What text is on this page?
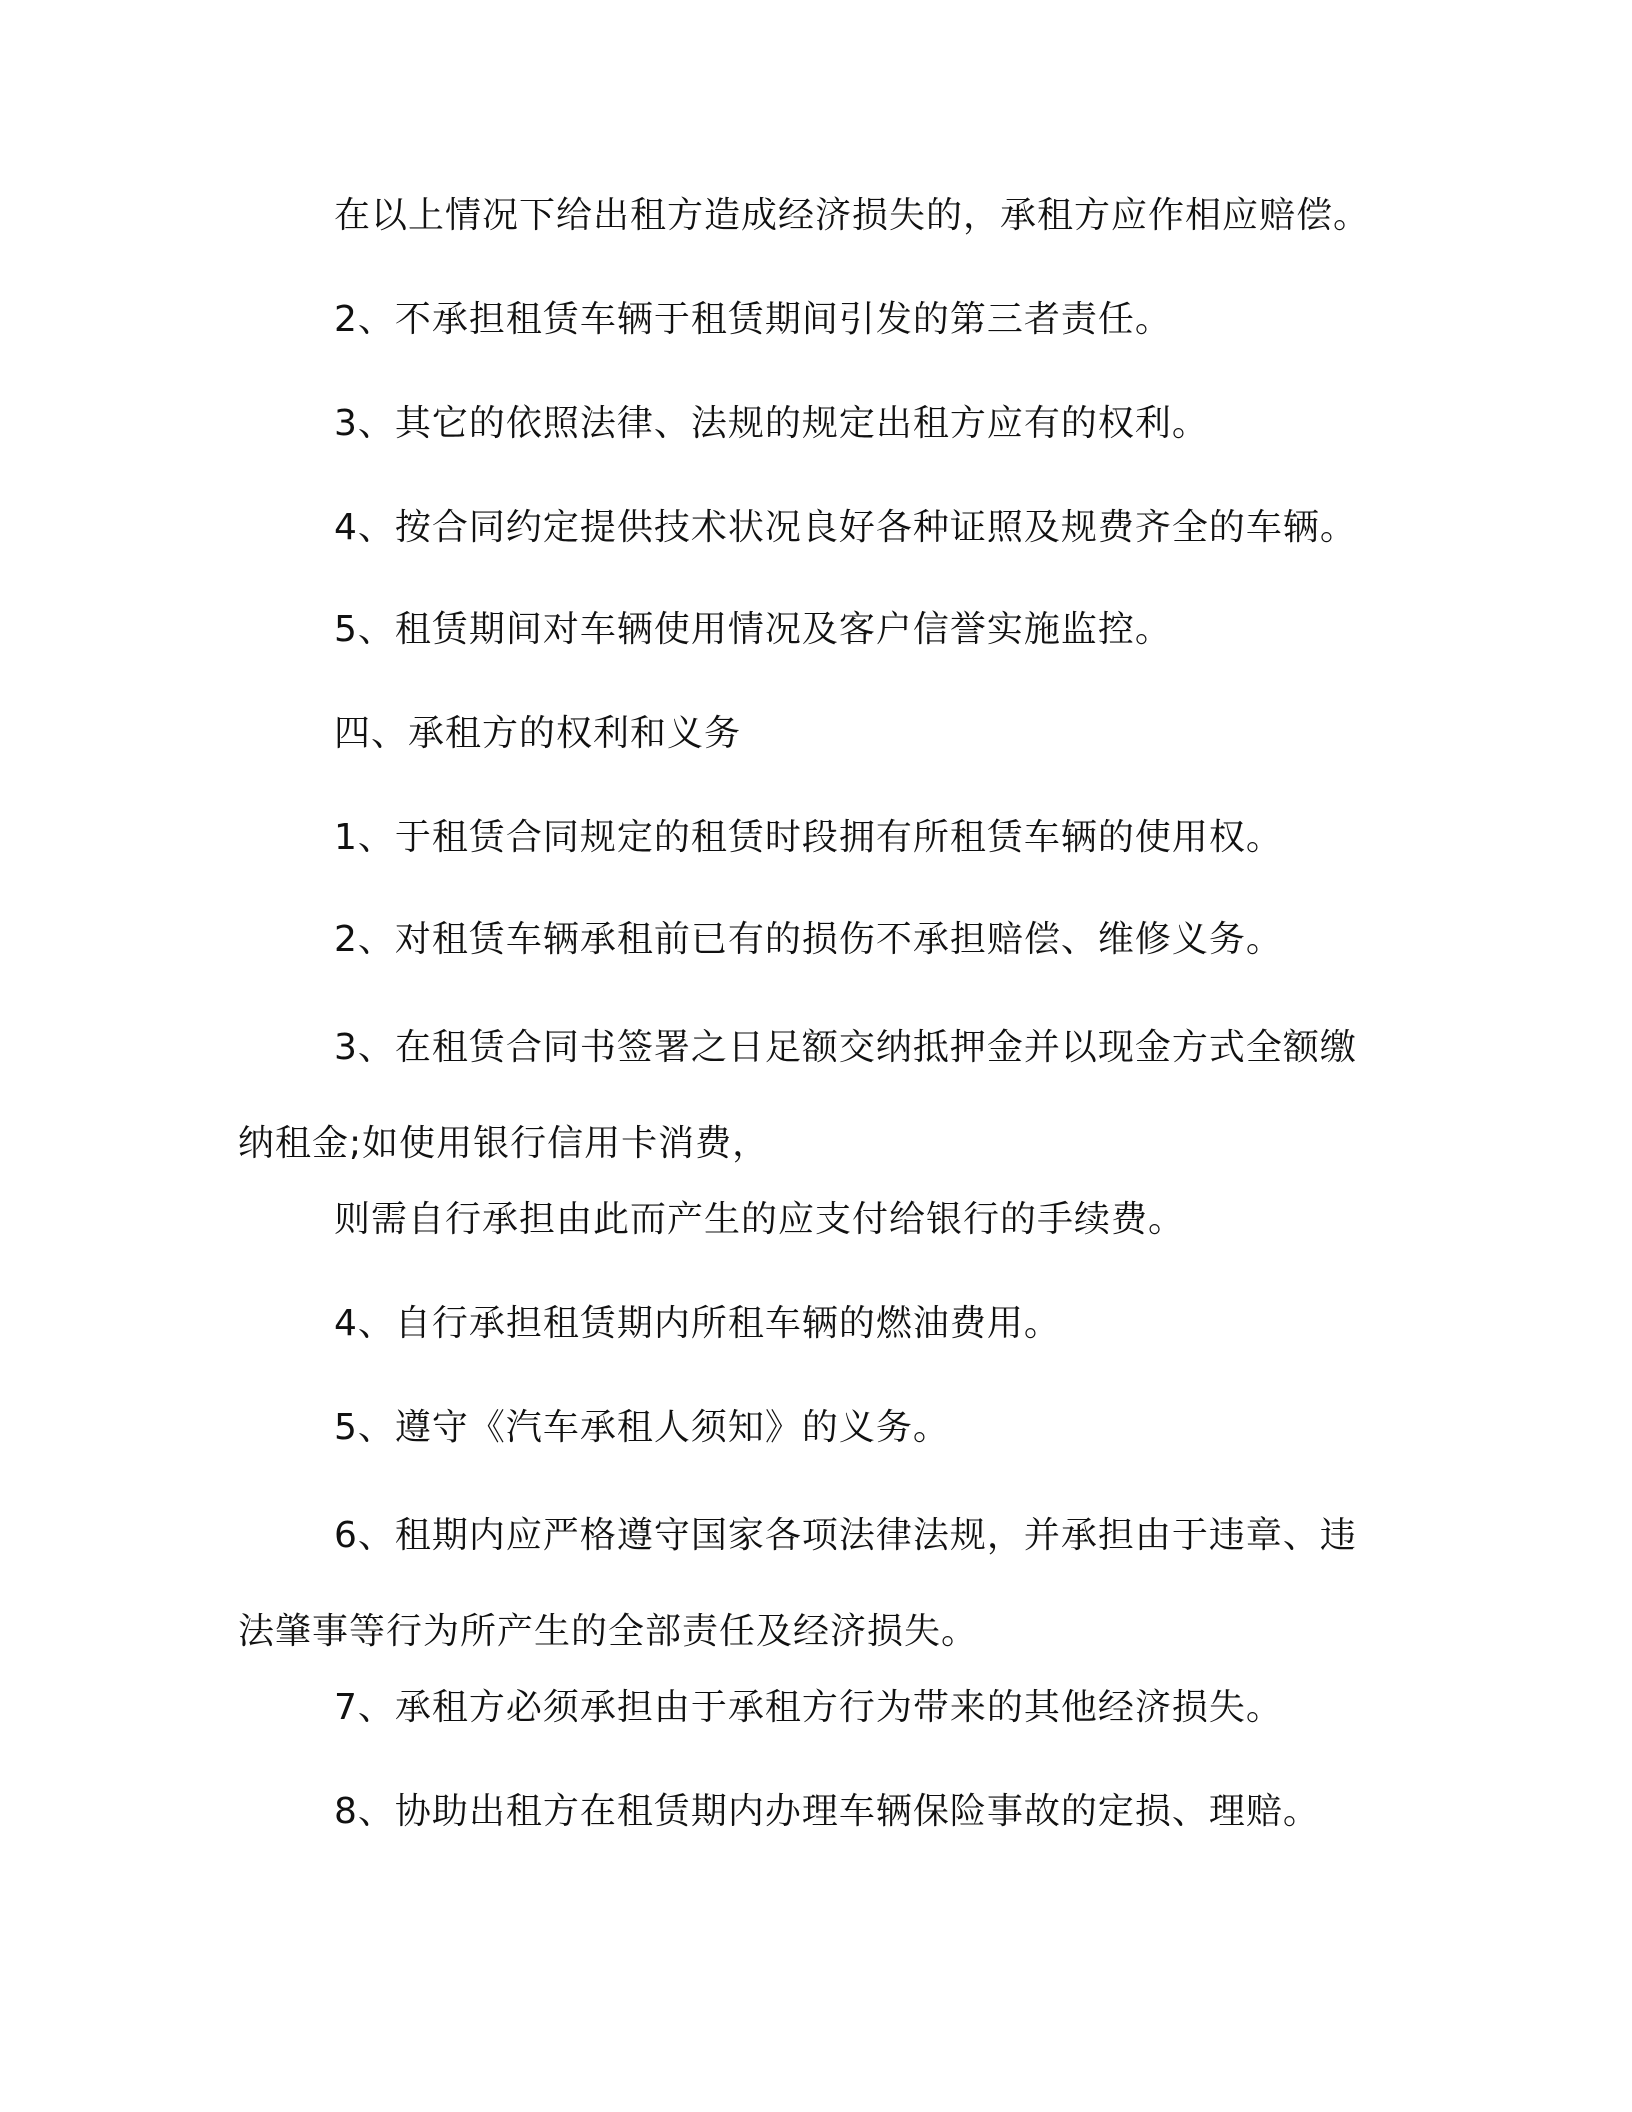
在以上情况下给出租方造成经济损失的，承租方应作相应赔偿。

2、不承担租赁车辆于租赁期间引发的第三者责任。

3、其它的依照法律、法规的规定出租方应有的权利。

4、按合同约定提供技术状况良好各种证照及规费齐全的车辆。

5、租赁期间对车辆使用情况及客户信誉实施监控。

四、承租方的权利和义务

1、于租赁合同规定的租赁时段拥有所租赁车辆的使用权。

2、对租赁车辆承租前已有的损伤不承担赔偿、维修义务。

3、在租赁合同书签署之日足额交纳抵押金并以现金方式全额缴纳租金;如使用银行信用卡消费，

则需自行承担由此而产生的应支付给银行的手续费。

4、自行承担租赁期内所租车辆的燃油费用。

5、遵守《汽车承租人须知》的义务。

6、租期内应严格遵守国家各项法律法规，并承担由于违章、违法肇事等行为所产生的全部责任及经济损失。

7、承租方必须承担由于承租方行为带来的其他经济损失。

8、协助出租方在租赁期内办理车辆保险事故的定损、理赔。
